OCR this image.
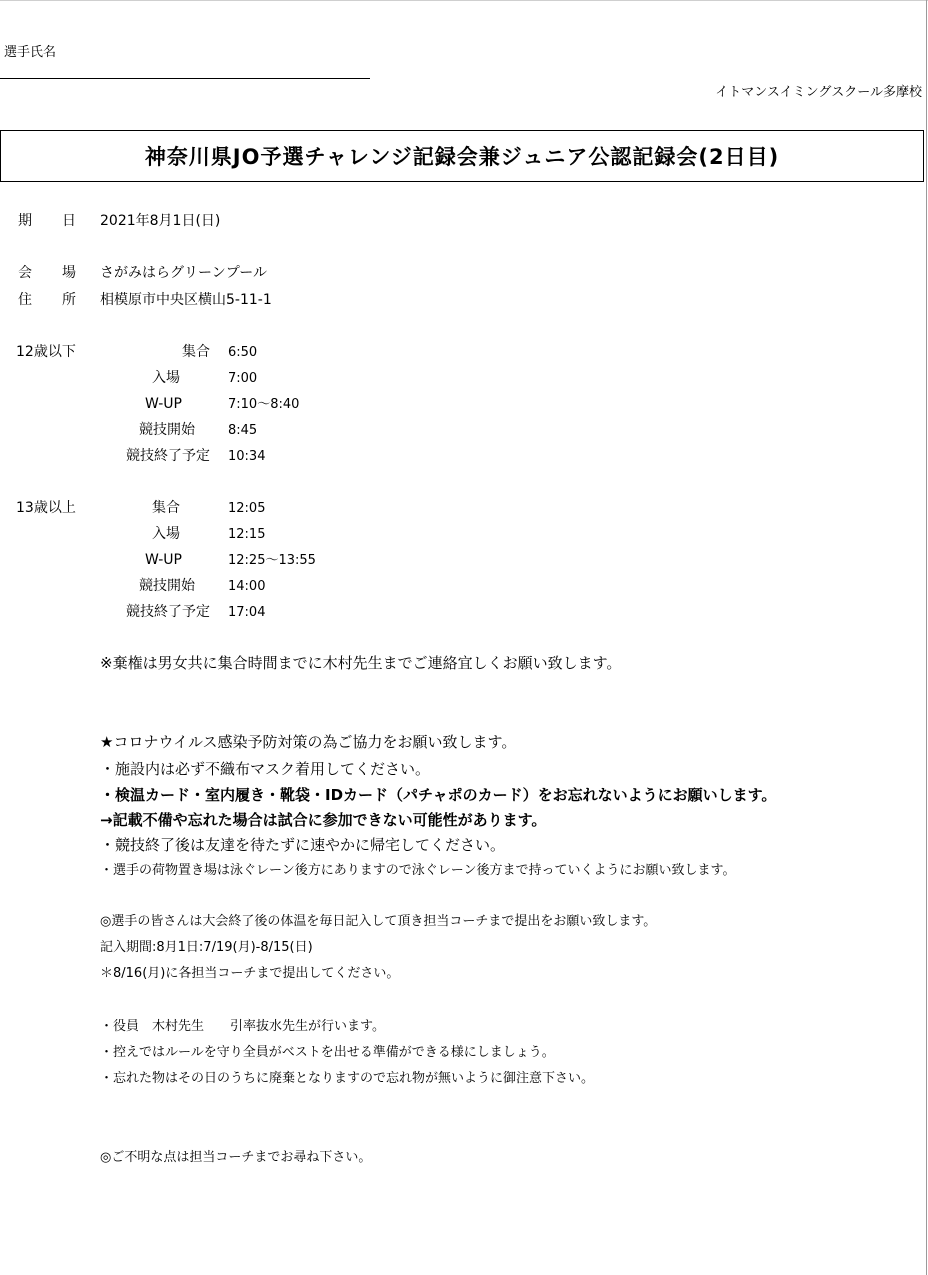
選手氏名
イトマンスイミングスクール多摩校
神奈川県JO予選チャレンジ記録会兼ジュニア公認記録会(2日目)
期 日 2021年8月1日(日)
会 場 さがみはらグリーンプール
住 所 相模原市中央区横山5-11-1
12歳以下	集合 6:50
入場	7:00
W-UP	7:10～8:40
競技開始	8:45
競技終了予定 10:34
13歳以上	集合	12:05
入場	12:15
W-UP	12:25～13:55
競技開始	14:00
競技終了予定 17:04
※棄権は男女共に集合時間までに木村先生までご連絡宜しくお願い致します。
★コロナウイルス感染予防対策の為ご協力をお願い致します。
・施設内は必ず不織布マスク着用してください。
・検温カード・室内履き・靴袋・IDカード（パチャポのカード）をお忘れないようにお願いします。
→記載不備や忘れた場合は試合に参加できない可能性があります。
・競技終了後は友達を待たずに速やかに帰宅してください。
・選手の荷物置き場は泳ぐレーン後方にありますので泳ぐレーン後方まで持っていくようにお願い致します。
◎選手の皆さんは大会終了後の体温を毎日記入して頂き担当コーチまで提出をお願い致します。
記入期間:8月1日:7/19(月)-8/15(日)
＊8/16(月)に各担当コーチまで提出してください。
・役員　木村先生　　引率抜水先生が行います。
・控えではルールを守り全員がベストを出せる準備ができる様にしましょう。
・忘れた物はその日のうちに廃棄となりますので忘れ物が無いように御注意下さい。
◎ご不明な点は担当コーチまでお尋ね下さい。
